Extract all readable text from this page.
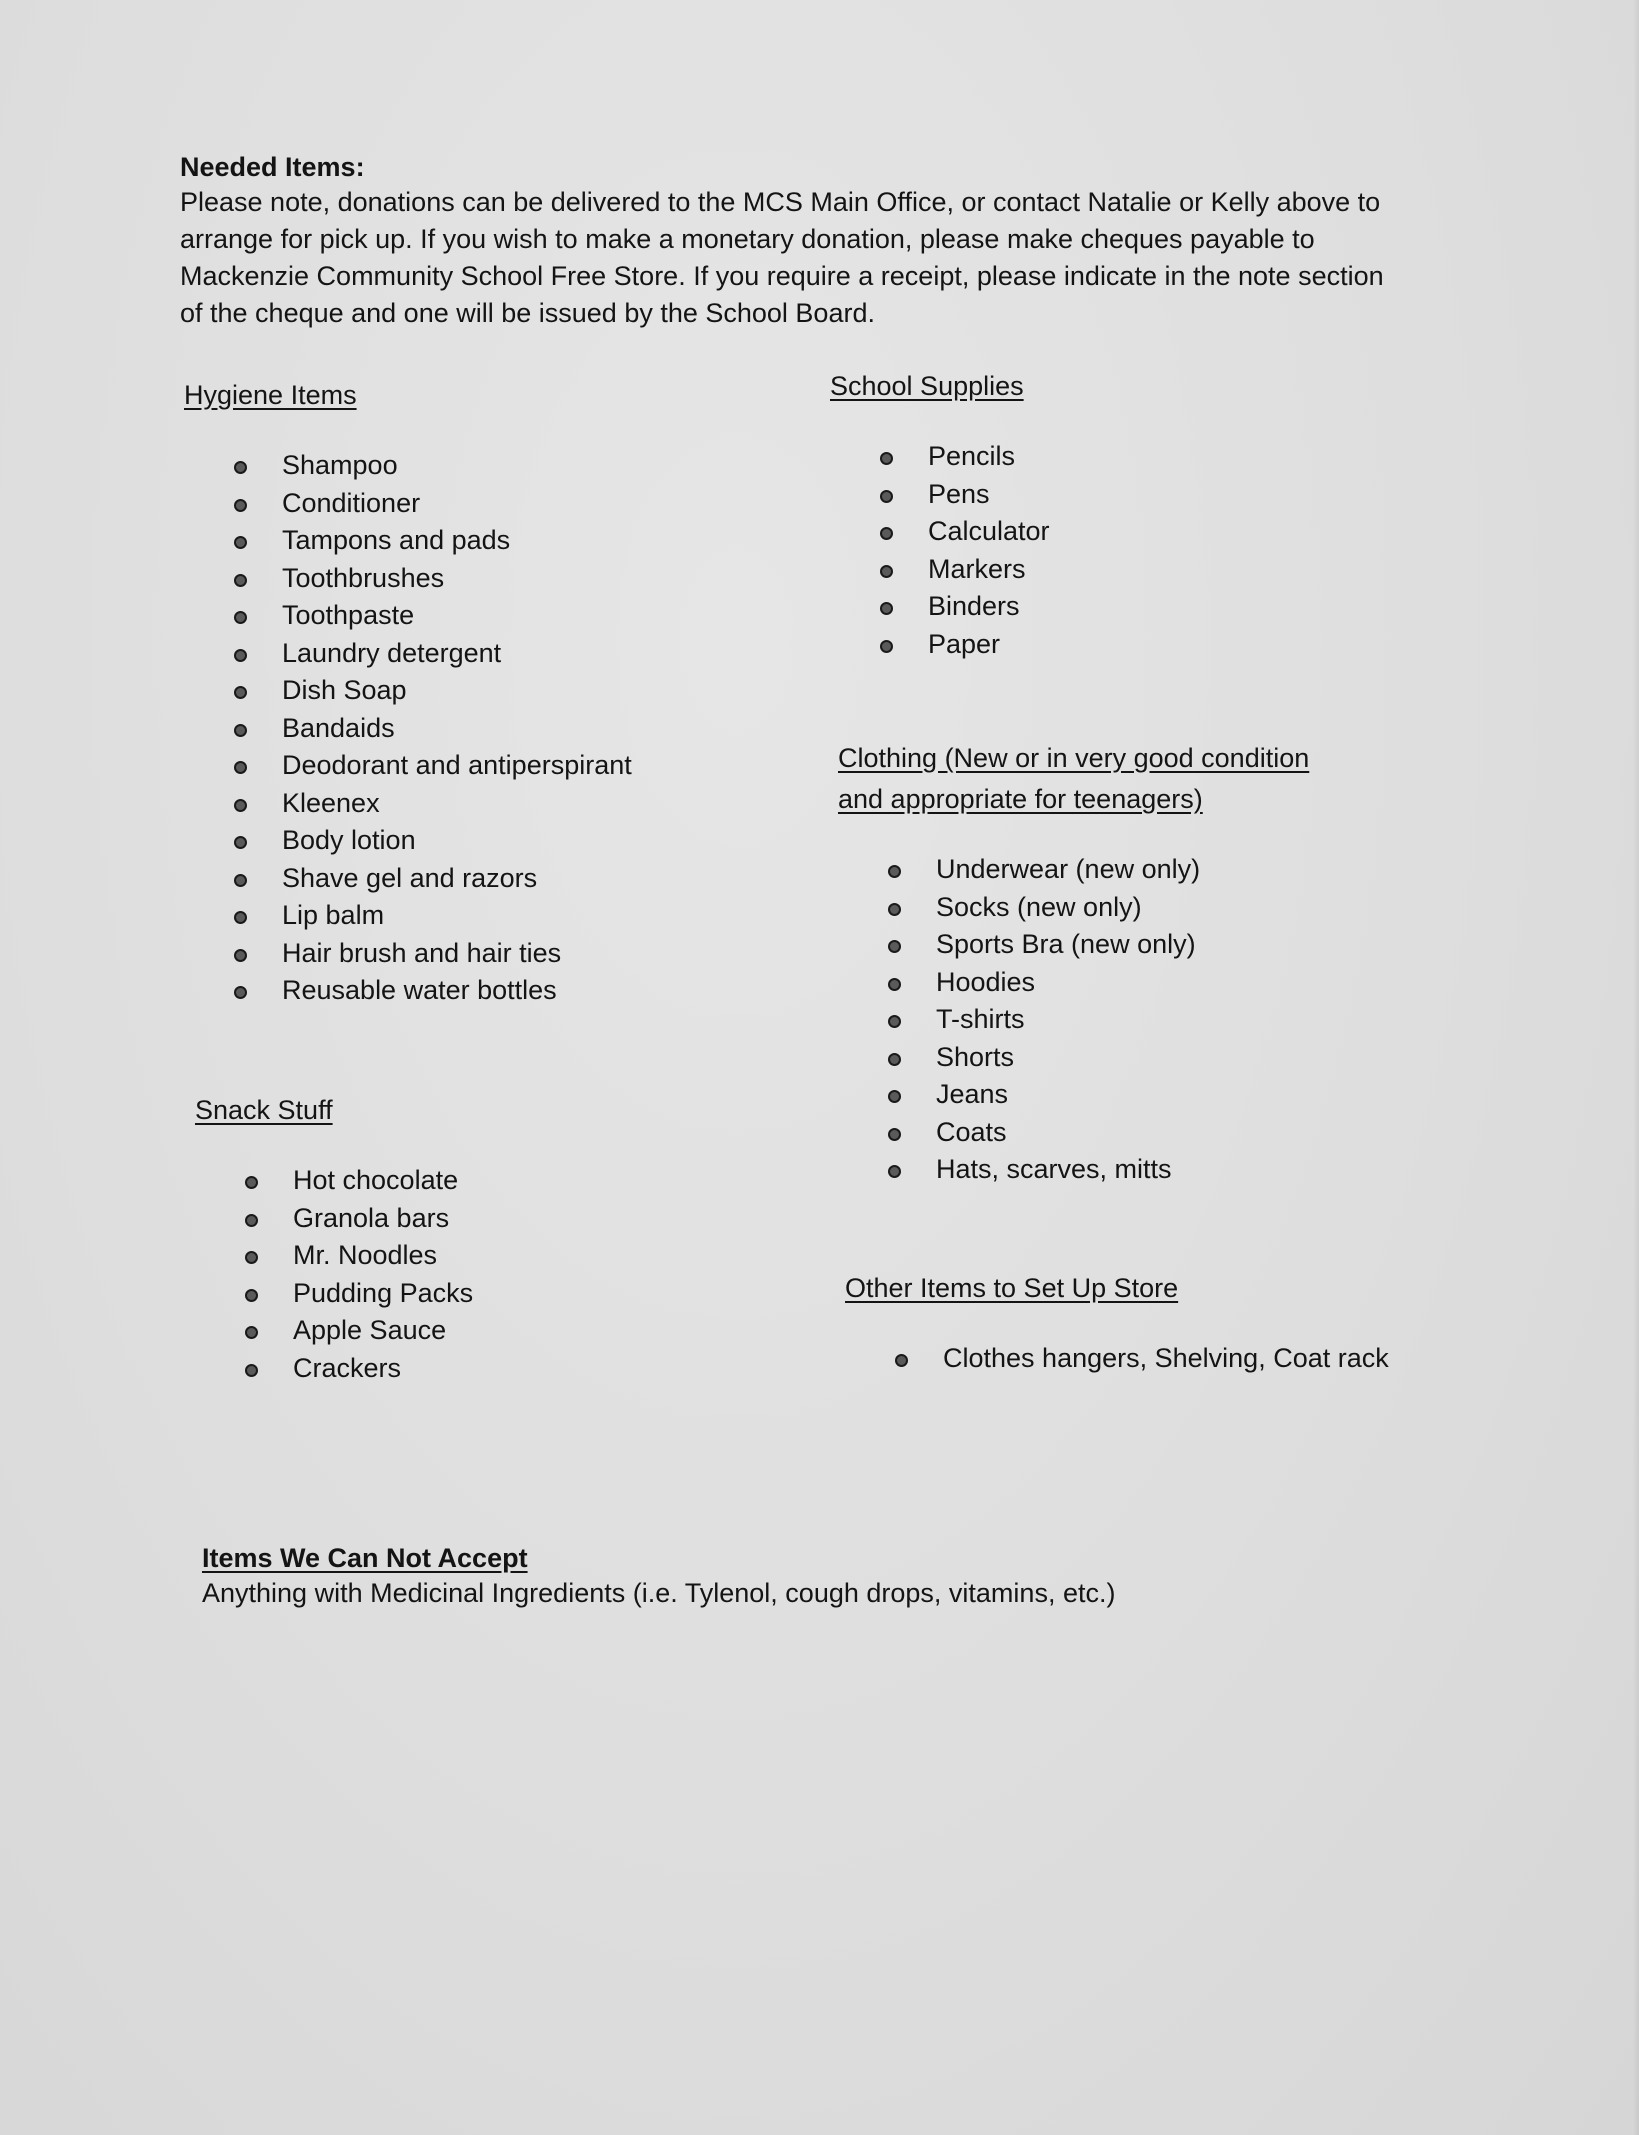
Needed Items:

Please note, donations can be delivered to the MCS Main Office, or contact Natalie or Kelly above to arrange for pick up. If you wish to make a monetary donation, please make cheques payable to Mackenzie Community School Free Store. If you require a receipt, please indicate in the note section of the cheque and one will be issued by the School Board.

Hygiene Items

Shampoo
Conditioner
Tampons and pads
Toothbrushes
Toothpaste
Laundry detergent
Dish Soap
Bandaids
Deodorant and antiperspirant
Kleenex
Body lotion
Shave gel and razors
Lip balm
Hair brush and hair ties
Reusable water bottles

School Supplies

Pencils
Pens
Calculator
Markers
Binders
Paper

Clothing (New or in very good condition

and appropriate for teenagers)

Underwear (new only)
Socks (new only)
Sports Bra (new only)
Hoodies
T-shirts
Shorts
Jeans
Coats
Hats, scarves, mitts

Snack Stuff

Hot chocolate
Granola bars
Mr. Noodles
Pudding Packs
Apple Sauce
Crackers

Other Items to Set Up Store

Clothes hangers, Shelving, Coat rack

Items We Can Not Accept

Anything with Medicinal Ingredients (i.e. Tylenol, cough drops, vitamins, etc.)
